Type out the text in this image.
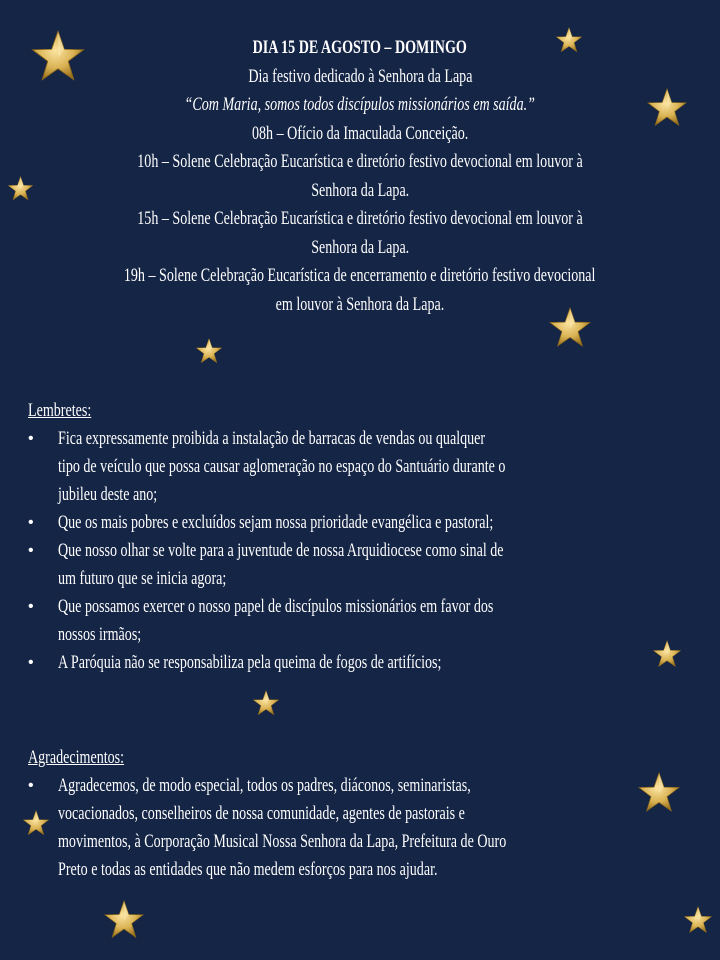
DIA 15 DE AGOSTO – DOMINGO
Dia festivo dedicado à Senhora da Lapa
“Com Maria, somos todos discípulos missionários em saída.”
08h – Ofício da Imaculada Conceição.
10h – Solene Celebração Eucarística e diretório festivo devocional em louvor à
Senhora da Lapa.
15h – Solene Celebração Eucarística e diretório festivo devocional em louvor à
Senhora da Lapa.
19h – Solene Celebração Eucarística de encerramento e diretório festivo devocional
em louvor à Senhora da Lapa.
Lembretes:
• Fica expressamente proibida a instalação de barracas de vendas ou qualquer
tipo de veículo que possa causar aglomeração no espaço do Santuário durante o
jubileu deste ano;
• Que os mais pobres e excluídos sejam nossa prioridade evangélica e pastoral;
• Que nosso olhar se volte para a juventude de nossa Arquidiocese como sinal de
um futuro que se inicia agora;
• Que possamos exercer o nosso papel de discípulos missionários em favor dos
nossos irmãos;
• A Paróquia não se responsabiliza pela queima de fogos de artifícios;
Agradecimentos:
• Agradecemos, de modo especial, todos os padres, diáconos, seminaristas,
vocacionados, conselheiros de nossa comunidade, agentes de pastorais e
movimentos, à Corporação Musical Nossa Senhora da Lapa, Prefeitura de Ouro
Preto e todas as entidades que não medem esforços para nos ajudar.
